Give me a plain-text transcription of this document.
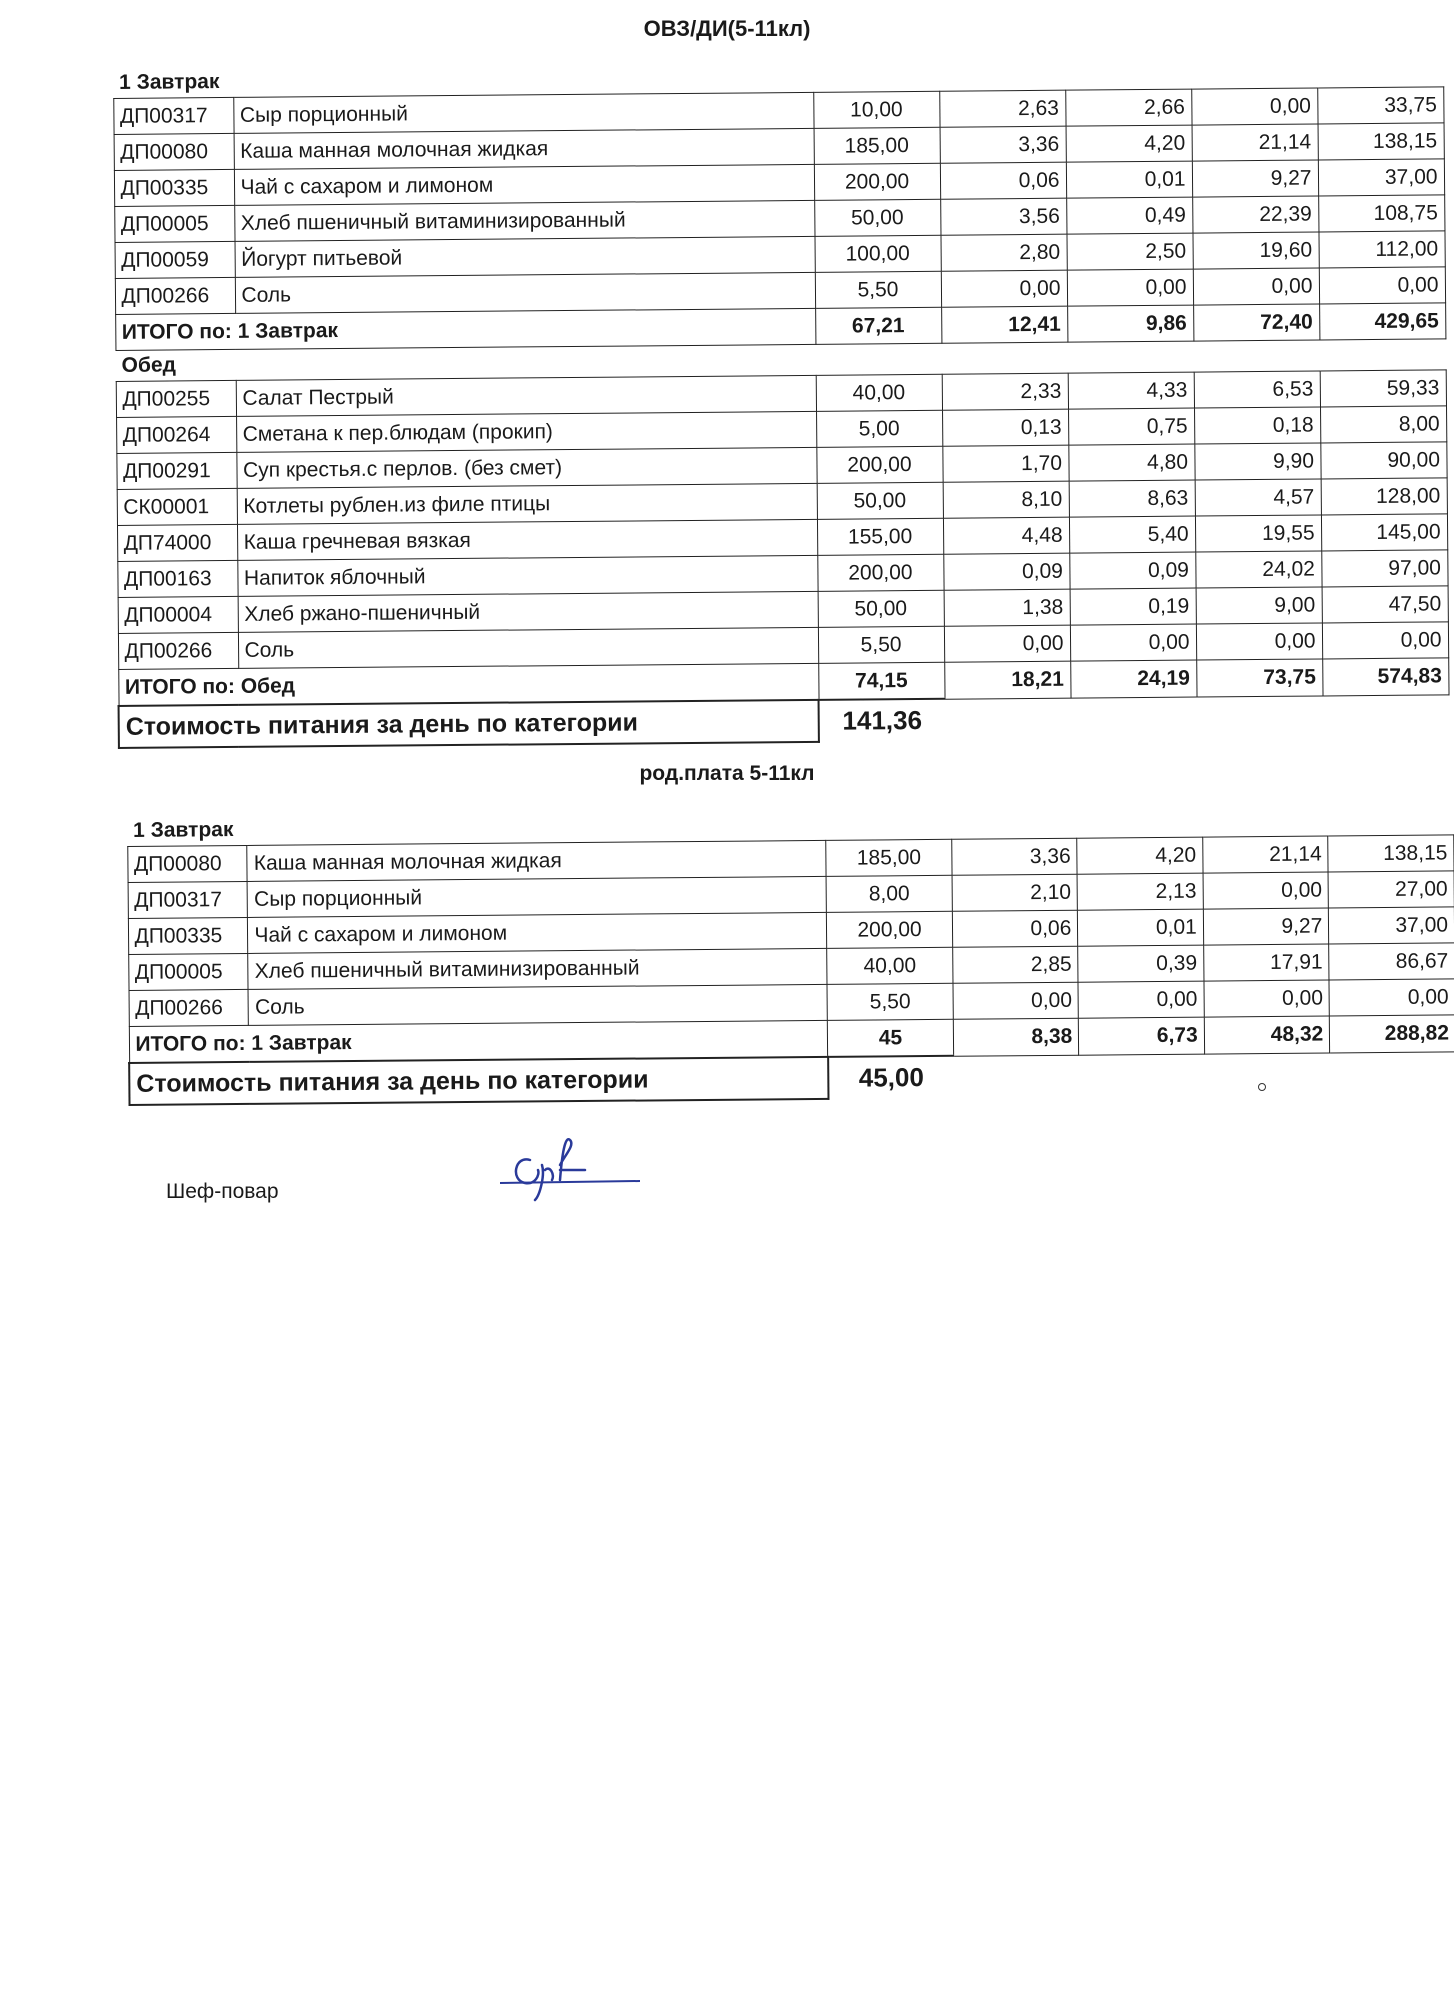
ОВЗ/ДИ(5-11кл)
1 Завтрак						
ДП00317	Сыр порционный	10,00	2,63	2,66	0,00	33,75
ДП00080	Каша манная молочная жидкая	185,00	3,36	4,20	21,14	138,15
ДП00335	Чай с сахаром и лимоном	200,00	0,06	0,01	9,27	37,00
ДП00005	Хлеб пшеничный витаминизированный	50,00	3,56	0,49	22,39	108,75
ДП00059	Йогурт питьевой	100,00	2,80	2,50	19,60	112,00
ДП00266	Соль	5,50	0,00	0,00	0,00	0,00
ИТОГО по: 1 Завтрак		67,21	12,41	9,86	72,40	429,65
Обед						
ДП00255	Салат Пестрый	40,00	2,33	4,33	6,53	59,33
ДП00264	Сметана к пер.блюдам (прокип)	5,00	0,13	0,75	0,18	8,00
ДП00291	Суп крестья.с перлов. (без смет)	200,00	1,70	4,80	9,90	90,00
СК00001	Котлеты рублен.из филе птицы	50,00	8,10	8,63	4,57	128,00
ДП74000	Каша гречневая вязкая	155,00	4,48	5,40	19,55	145,00
ДП00163	Напиток яблочный	200,00	0,09	0,09	24,02	97,00
ДП00004	Хлеб ржано-пшеничный	50,00	1,38	0,19	9,00	47,50
ДП00266	Соль	5,50	0,00	0,00	0,00	0,00
ИТОГО по: Обед		74,15	18,21	24,19	73,75	574,83
Стоимость питания за день по категории		141,36				
род.плата 5-11кл
1 Завтрак						
ДП00080	Каша манная молочная жидкая	185,00	3,36	4,20	21,14	138,15
ДП00317	Сыр порционный	8,00	2,10	2,13	0,00	27,00
ДП00335	Чай с сахаром и лимоном	200,00	0,06	0,01	9,27	37,00
ДП00005	Хлеб пшеничный витаминизированный	40,00	2,85	0,39	17,91	86,67
ДП00266	Соль	5,50	0,00	0,00	0,00	0,00
ИТОГО по: 1 Завтрак		45	8,38	6,73	48,32	288,82
Стоимость питания за день по категории		45,00				
Шеф-повар
